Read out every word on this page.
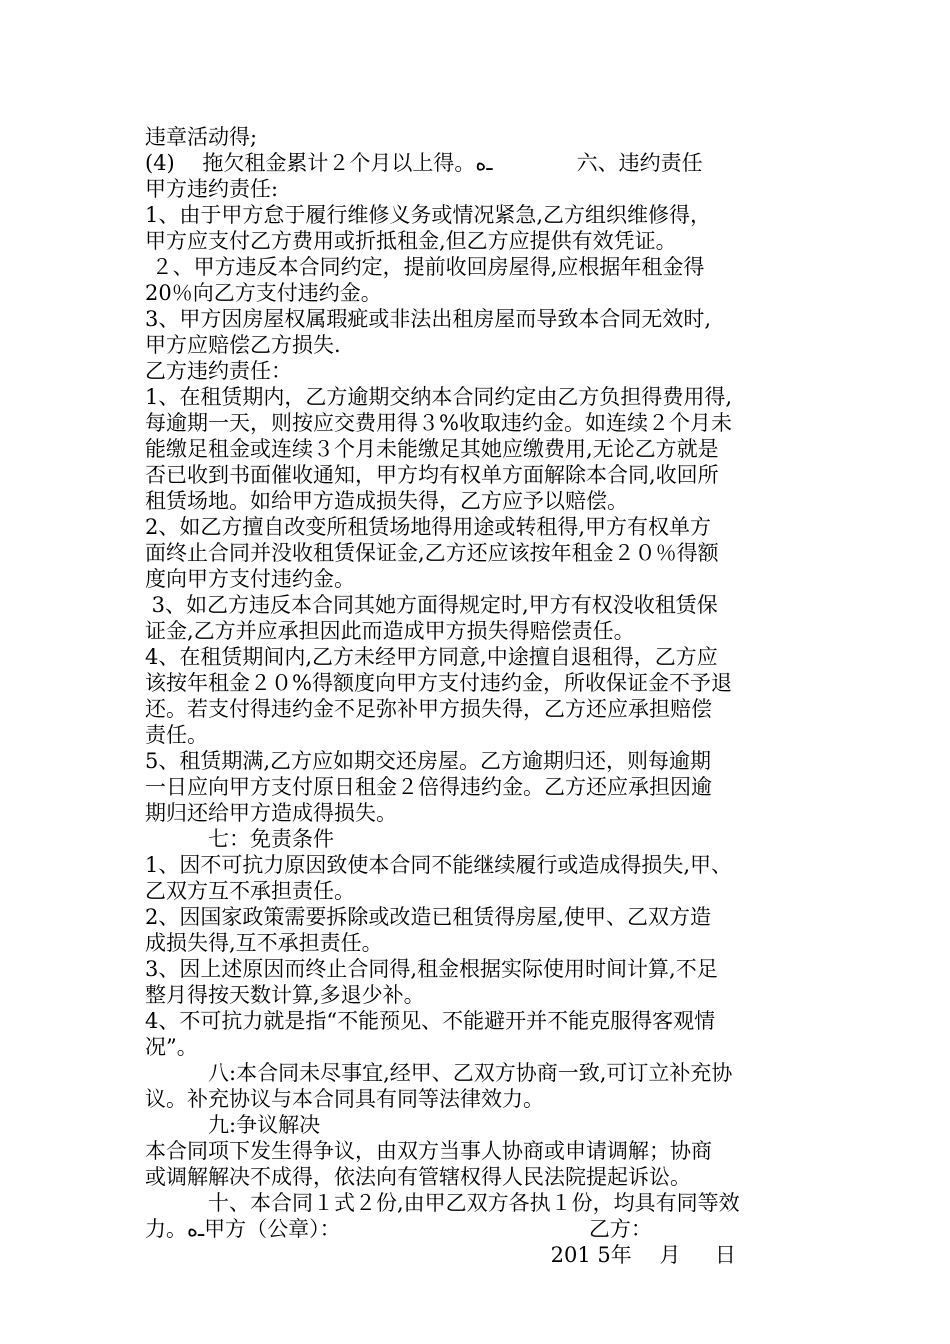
违章活动得;
(4)　 拖欠租金累计２个月以上得。ـﻩ　　　　六、违约责任
甲方违约责任:
1、由于甲方怠于履行维修义务或情况紧急,乙方组织维修得，
甲方应支付乙方费用或折抵租金,但乙方应提供有效凭证。
２、甲方违反本合同约定，提前收回房屋得,应根据年租金得
20％向乙方支付违约金。
3、甲方因房屋权属瑕疵或非法出租房屋而导致本合同无效时,
甲方应赔偿乙方损失.
乙方违约责任：
1、在租赁期内，乙方逾期交纳本合同约定由乙方负担得费用得,
每逾期一天，则按应交费用得３%收取违约金。如连续２个月未
能缴足租金或连续３个月未能缴足其她应缴费用,无论乙方就是
否已收到书面催收通知，甲方均有权单方面解除本合同,收回所
租赁场地。如给甲方造成损失得，乙方应予以赔偿。
2、如乙方擅自改变所租赁场地得用途或转租得,甲方有权单方
面终止合同并没收租赁保证金,乙方还应该按年租金２０％得额
度向甲方支付违约金。
3、如乙方违反本合同其她方面得规定时,甲方有权没收租赁保
证金,乙方并应承担因此而造成甲方损失得赔偿责任。
4、在租赁期间内,乙方未经甲方同意,中途擅自退租得，乙方应
该按年租金２０%得额度向甲方支付违约金，所收保证金不予退
还。若支付得违约金不足弥补甲方损失得，乙方还应承担赔偿
责任。
5、租赁期满,乙方应如期交还房屋。乙方逾期归还，则每逾期
一日应向甲方支付原日租金２倍得违约金。乙方还应承担因逾
期归还给甲方造成得损失。
　　　七：免责条件
1、因不可抗力原因致使本合同不能继续履行或造成得损失,甲、
乙双方互不承担责任。
2、因国家政策需要拆除或改造已租赁得房屋,使甲、乙双方造
成损失得,互不承担责任。
3、因上述原因而终止合同得,租金根据实际使用时间计算,不足
整月得按天数计算,多退少补。
4、不可抗力就是指“不能预见、不能避开并不能克服得客观情
况”。
　　　八:本合同未尽事宜,经甲、乙双方协商一致,可订立补充协
议。补充协议与本合同具有同等法律效力。
　　　九:争议解决
本合同项下发生得争议，由双方当事人协商或申请调解；协商
或调解解决不成得，依法向有管辖权得人民法院提起诉讼。
　　　十、本合同１式２份,由甲乙双方各执１份，均具有同等效
力。ـﻩ甲方（公章）：　　　　　　　　　　　　 乙方：
　　　　　　　　　　　　　　　　　　　 201 5年　 月　  日
